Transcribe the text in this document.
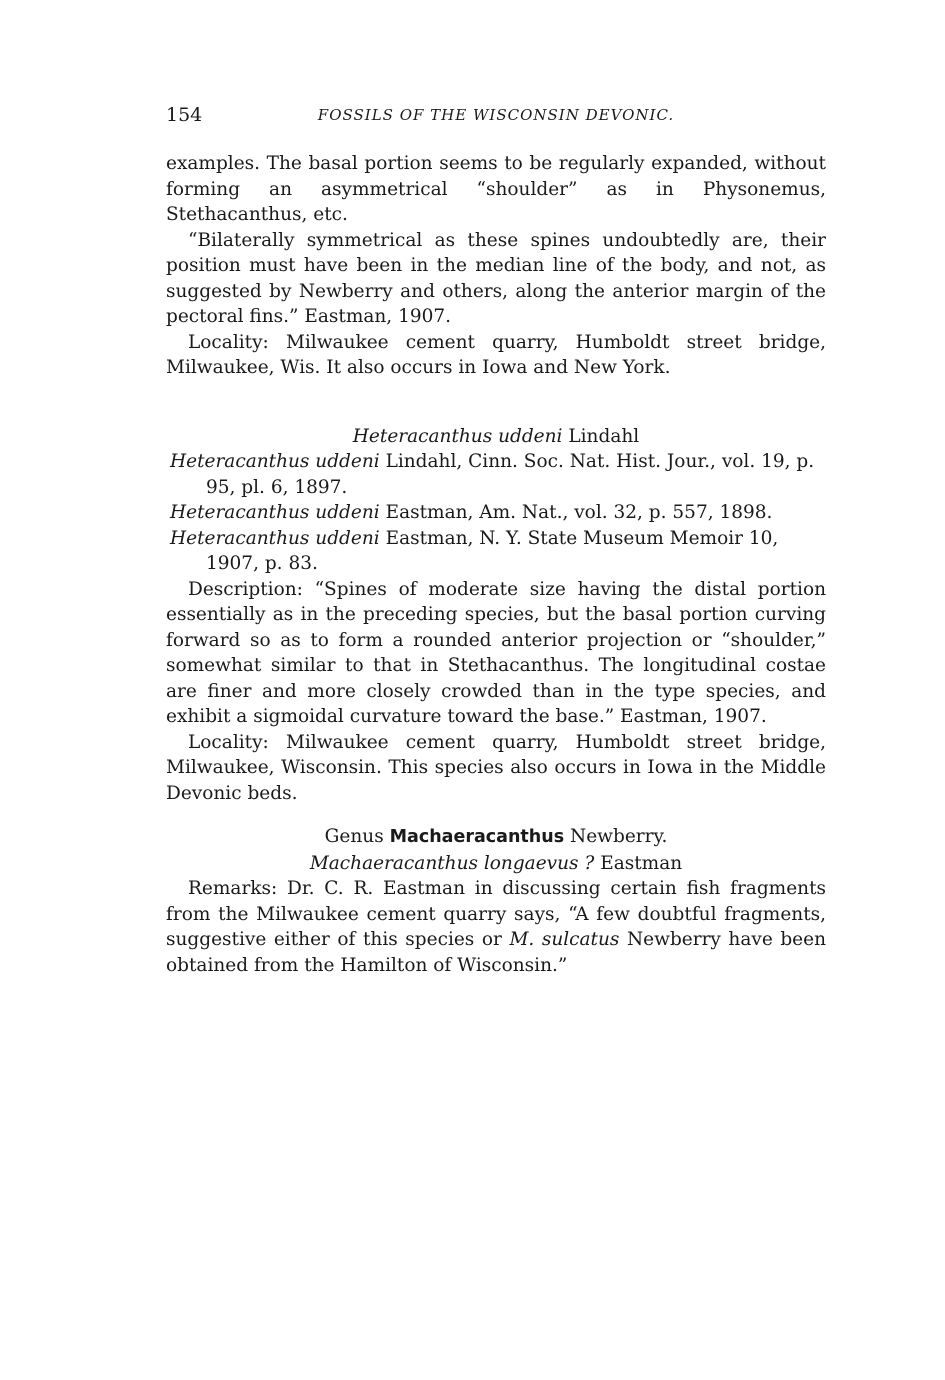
154	FOSSILS OF THE WISCONSIN DEVONIC.

examples. The basal portion seems to be regularly expanded, without forming an asymmetrical “shoulder” as in Physonemus, Stethacanthus, etc.

“Bilaterally symmetrical as these spines undoubtedly are, their position must have been in the median line of the body, and not, as suggested by Newberry and others, along the anterior margin of the pectoral fins.” Eastman, 1907.

Locality: Milwaukee cement quarry, Humboldt street bridge, Milwaukee, Wis. It also occurs in Iowa and New York.

Heteracanthus uddeni Lindahl

Heteracanthus uddeni Lindahl, Cinn. Soc. Nat. Hist. Jour., vol. 19, p. 95, pl. 6, 1897.

Heteracanthus uddeni Eastman, Am. Nat., vol. 32, p. 557, 1898.

Heteracanthus uddeni Eastman, N. Y. State Museum Memoir 10, 1907, p. 83.

Description: “Spines of moderate size having the distal portion essentially as in the preceding species, but the basal portion curving forward so as to form a rounded anterior projection or “shoulder,” somewhat similar to that in Stethacanthus. The longitudinal costae are finer and more closely crowded than in the type species, and exhibit a sigmoidal curvature toward the base.” Eastman, 1907.

Locality: Milwaukee cement quarry, Humboldt street bridge, Milwaukee, Wisconsin. This species also occurs in Iowa in the Middle Devonic beds.

Genus Machaeracanthus Newberry.

Machaeracanthus longaevus ? Eastman

Remarks: Dr. C. R. Eastman in discussing certain fish fragments from the Milwaukee cement quarry says, “A few doubtful fragments, suggestive either of this species or M. sulcatus Newberry have been obtained from the Hamilton of Wisconsin.”
